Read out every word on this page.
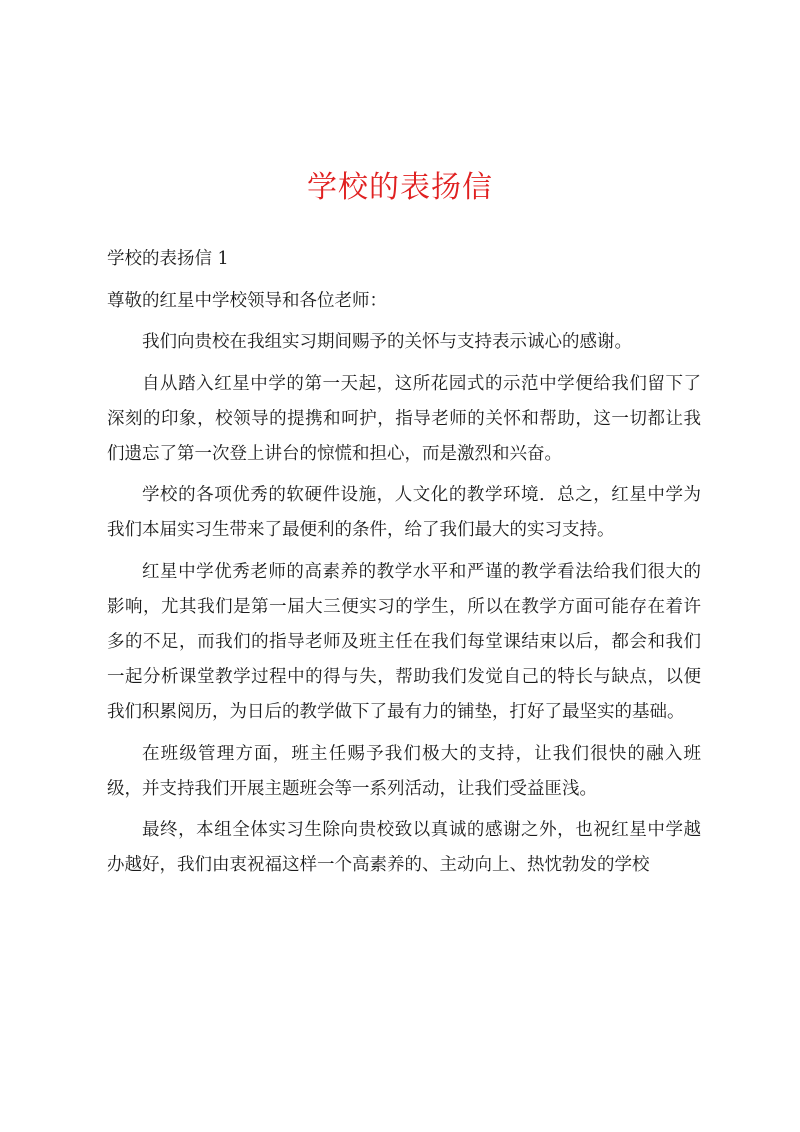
学校的表扬信

学校的表扬信 1

尊敬的红星中学校领导和各位老师：

我们向贵校在我组实习期间赐予的关怀与支持表示诚心的感谢。

自从踏入红星中学的第一天起，这所花园式的示范中学便给我们留下了深刻的印象，校领导的提携和呵护，指导老师的关怀和帮助，这一切都让我们遗忘了第一次登上讲台的惊慌和担心，而是激烈和兴奋。

学校的各项优秀的软硬件设施，人文化的教学环境．总之，红星中学为我们本届实习生带来了最便利的条件，给了我们最大的实习支持。

红星中学优秀老师的高素养的教学水平和严谨的教学看法给我们很大的影响，尤其我们是第一届大三便实习的学生，所以在教学方面可能存在着许多的不足，而我们的指导老师及班主任在我们每堂课结束以后，都会和我们一起分析课堂教学过程中的得与失，帮助我们发觉自己的特长与缺点，以便我们积累阅历，为日后的教学做下了最有力的铺垫，打好了最坚实的基础。

在班级管理方面，班主任赐予我们极大的支持，让我们很快的融入班级，并支持我们开展主题班会等一系列活动，让我们受益匪浅。

最终，本组全体实习生除向贵校致以真诚的感谢之外，也祝红星中学越办越好，我们由衷祝福这样一个高素养的、主动向上、热忱勃发的学校
